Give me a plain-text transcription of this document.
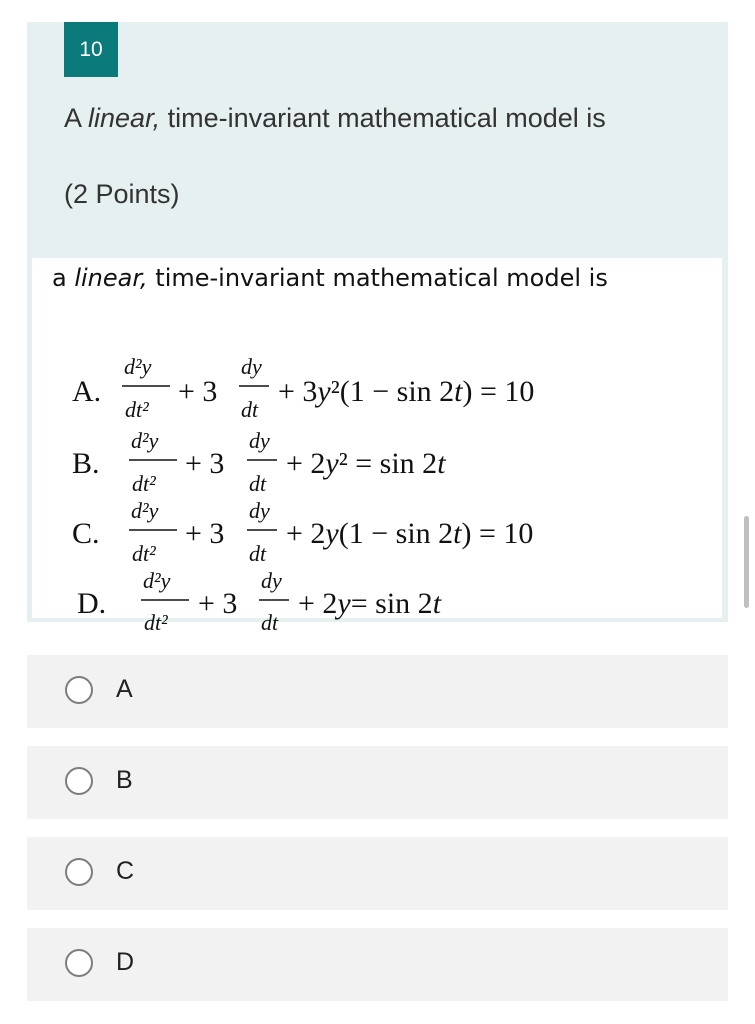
10
A linear, time-invariant mathematical model is
(2 Points)
a linear, time-invariant mathematical model is
A.
d²y
dt²
+ 3
dy
dt
+ 3y²(1 − sin 2t) = 10
B.
d²y
dt²
+ 3
dy
dt
+ 2y² = sin 2t
C.
d²y
dt²
+ 3
dy
dt
+ 2y(1 − sin 2t) = 10
D.
d²y
dt²
+ 3
dy
dt
+ 2y= sin 2t
A
B
C
D
